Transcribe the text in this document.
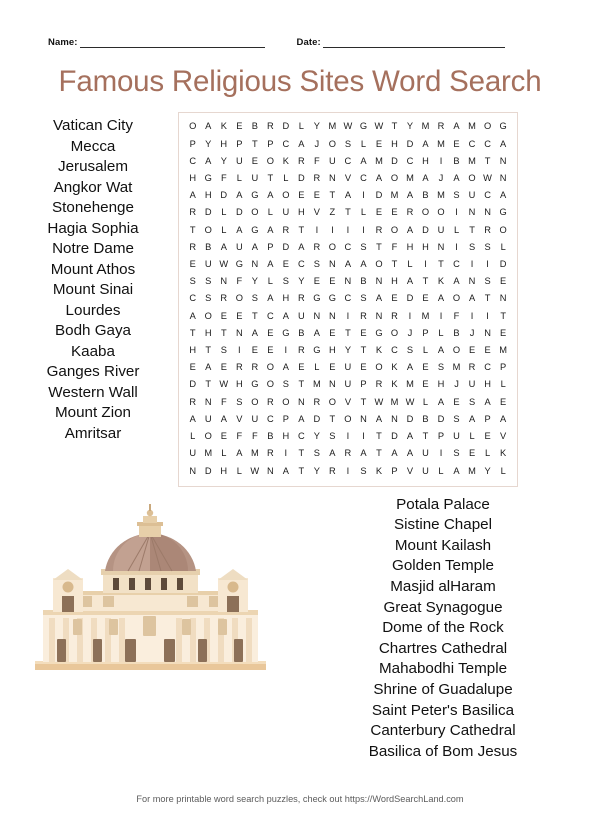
Name:	Date:
Famous Religious Sites Word Search
Vatican City
Mecca
Jerusalem
Angkor Wat
Stonehenge
Hagia Sophia
Notre Dame
Mount Athos
Mount Sinai
Lourdes
Bodh Gaya
Kaaba
Ganges River
Western Wall
Mount Zion
Amritsar
O	A	K	E	B	R	D	L	Y	M	W	G	W	T	Y	M	R	A	M	O	G
P	Y	H	P	T	P	C	A	J	O	S	L	E	H	D	A	M	E	C	C	A
C	A	Y	U	E	O	K	R	F	U	C	A	M	D	C	H	I	B	M	T	N
H	G	F	L	U	T	L	D	R	N	V	C	A	O	M	A	J	A	O	W	N
A	H	D	A	G	A	O	E	E	T	A	I	D	M	A	B	M	S	U	C	A
R	D	L	D	O	L	U	H	V	Z	T	L	E	E	R	O	O	I	N	N	G
T	O	L	A	G	A	R	T	I	I	I	I	R	O	A	D	U	L	T	R	O
R	B	A	U	A	P	D	A	R	O	C	S	T	F	H	H	N	I	S	S	L
E	U	W	G	N	A	E	C	S	N	A	A	O	T	L	I	T	C	I	I	D
S	S	N	F	Y	L	S	Y	E	E	N	B	N	H	A	T	K	A	N	S	E
C	S	R	O	S	A	H	R	G	G	C	S	A	E	D	E	A	O	A	T	N
A	O	E	E	T	C	A	U	N	N	I	R	N	R	I	M	I	F	I	I	T
T	H	T	N	A	E	G	B	A	E	T	E	G	O	J	P	L	B	J	N	E
H	T	S	I	E	E	I	R	G	H	Y	T	K	C	S	L	A	O	E	E	M
E	A	E	R	R	O	A	E	L	E	U	E	O	K	A	E	S	M	R	C	P
D	T	W	H	G	O	S	T	M	N	U	P	R	K	M	E	H	J	U	H	L
R	N	F	S	O	R	O	N	R	O	V	T	W	M	W	L	A	E	S	A	E
A	U	A	V	U	C	P	A	D	T	O	N	A	N	D	B	D	S	A	P	A
L	O	E	F	F	B	H	C	Y	S	I	I	T	D	A	T	P	U	L	E	V
U	M	L	A	M	R	I	T	S	A	R	A	T	A	A	U	I	S	E	L	K
N	D	H	L	W	N	A	T	Y	R	I	S	K	P	V	U	L	A	M	Y	L
Potala Palace
Sistine Chapel
Mount Kailash
Golden Temple
Masjid alHaram
Great Synagogue
Dome of the Rock
Chartres Cathedral
Mahabodhi Temple
Shrine of Guadalupe
Saint Peter's Basilica
Canterbury Cathedral
Basilica of Bom Jesus
For more printable word search puzzles, check out https://WordSearchLand.com
